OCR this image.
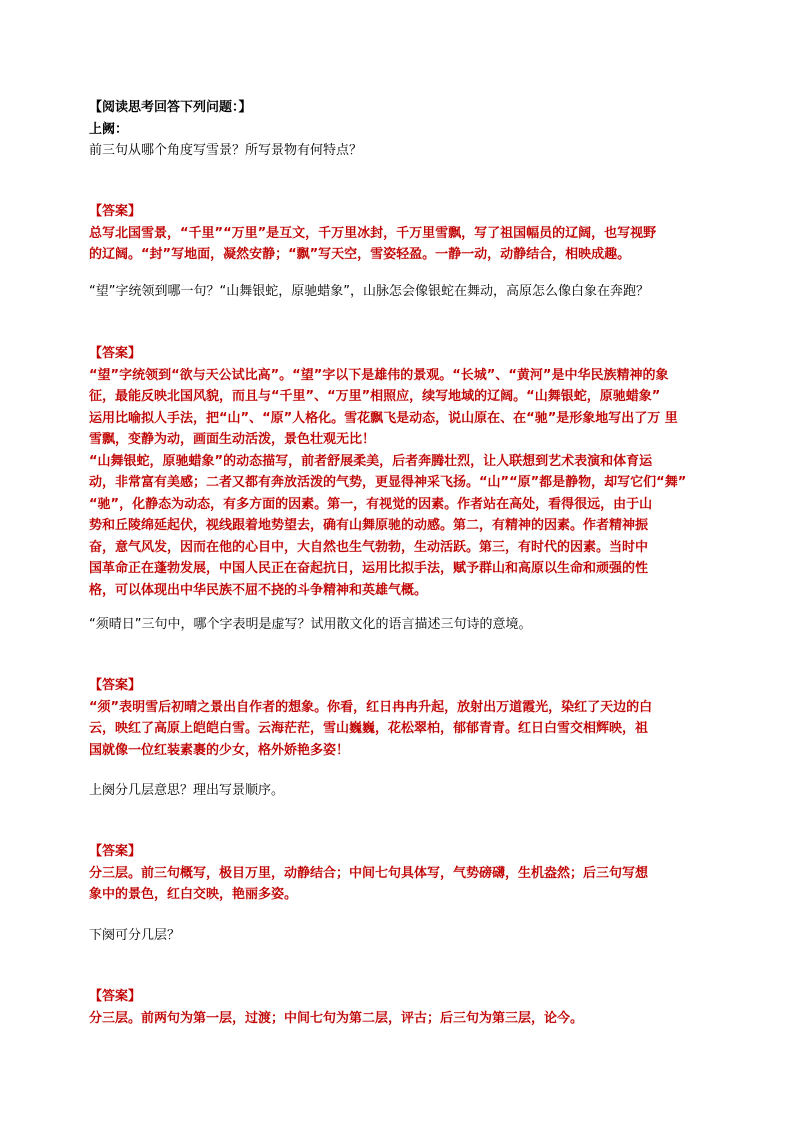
【阅读思考回答下列问题：】
上阙：
前三句从哪个角度写雪景？所写景物有何特点？
【答案】
总写北国雪景，“千里”“万里”是互文，千万里冰封，千万里雪飘，写了祖国幅员的辽阔，也写视野
的辽阔。“封”写地面，凝然安静；“飘”写天空，雪姿轻盈。一静一动，动静结合，相映成趣。
“望”字统领到哪一句？“山舞银蛇，原驰蜡象”，山脉怎会像银蛇在舞动，高原怎么像白象在奔跑？
【答案】
“望”字统领到“欲与天公试比高”。“望”字以下是雄伟的景观。“长城”、“黄河”是中华民族精神的象
征，最能反映北国风貌，而且与“千里”、“万里”相照应，续写地域的辽阔。“山舞银蛇，原驰蜡象”
运用比喻拟人手法，把“山”、“原”人格化。雪花飘飞是动态，说山原在、在“驰”是形象地写出了万 里
雪飘，变静为动，画面生动活泼，景色壮观无比！
“山舞银蛇，原驰蜡象”的动态描写，前者舒展柔美，后者奔腾壮烈，让人联想到艺术表演和体育运
动，非常富有美感；二者又都有奔放活泼的气势，更显得神采飞扬。“山”“原”都是静物，却写它们“舞”
“驰”，化静态为动态，有多方面的因素。第一，有视觉的因素。作者站在高处，看得很远，由于山
势和丘陵绵延起伏，视线跟着地势望去，确有山舞原驰的动感。第二，有精神的因素。作者精神振
奋，意气风发，因而在他的心目中，大自然也生气勃勃，生动活跃。第三，有时代的因素。当时中
国革命正在蓬勃发展，中国人民正在奋起抗日，运用比拟手法，赋予群山和高原以生命和顽强的性
格，可以体现出中华民族不屈不挠的斗争精神和英雄气概。
“须晴日”三句中，哪个字表明是虚写？试用散文化的语言描述三句诗的意境。
【答案】
“须”表明雪后初晴之景出自作者的想象。你看，红日冉冉升起，放射出万道霞光，染红了天边的白
云，映红了高原上皑皑白雪。云海茫茫，雪山巍巍，花松翠柏，郁郁青青。红日白雪交相辉映，祖
国就像一位红装素裹的少女，格外娇艳多姿！
上阕分几层意思？理出写景顺序。
【答案】
分三层。前三句概写，极目万里，动静结合；中间七句具体写，气势磅礴，生机盎然；后三句写想
象中的景色，红白交映，艳丽多姿。
下阕可分几层？
【答案】
分三层。前两句为第一层，过渡；中间七句为第二层，评古；后三句为第三层，论今。
